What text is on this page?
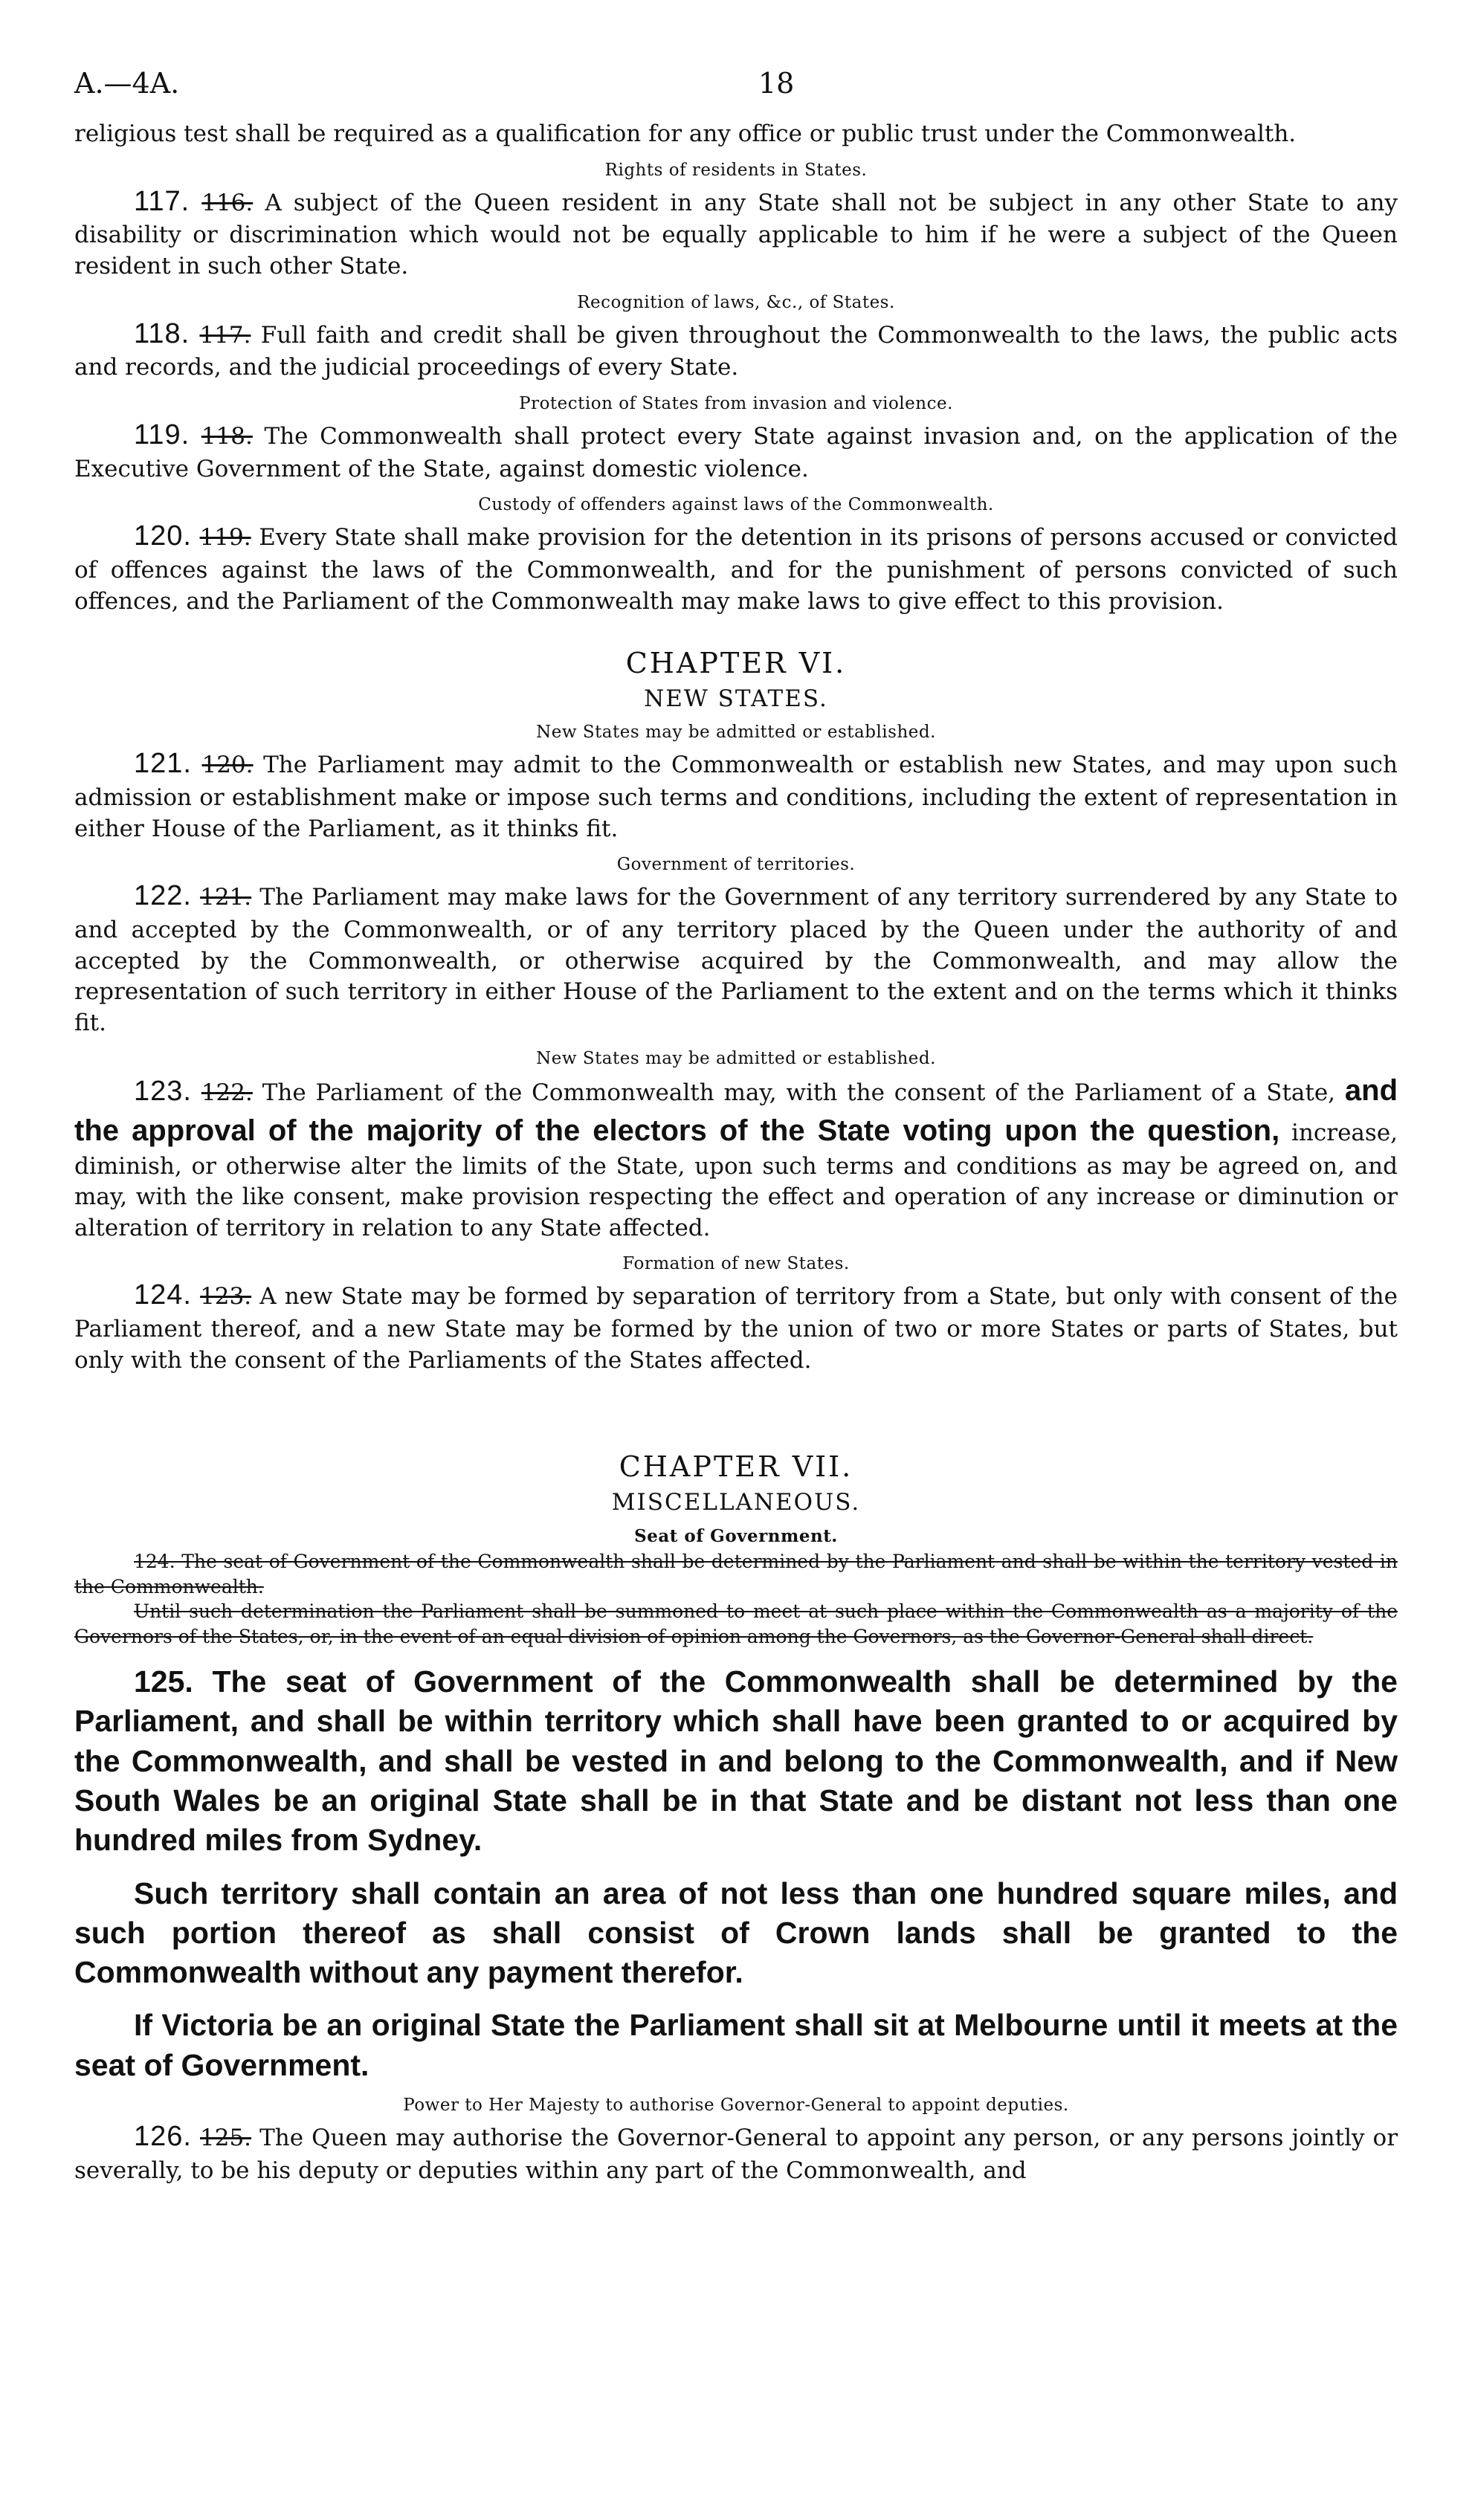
A.—4A.	18

religious test shall be required as a qualification for any office or public trust under the Commonwealth.

Rights of residents in States.

117. 116. A subject of the Queen resident in any State shall not be subject in any other State to any disability or discrimination which would not be equally applicable to him if he were a subject of the Queen resident in such other State.

Recognition of laws, &c., of States.

118. 117. Full faith and credit shall be given throughout the Commonwealth to the laws, the public acts and records, and the judicial proceedings of every State.

Protection of States from invasion and violence.

119. 118. The Commonwealth shall protect every State against invasion and, on the application of the Executive Government of the State, against domestic violence.

Custody of offenders against laws of the Commonwealth.

120. 119. Every State shall make provision for the detention in its prisons of persons accused or convicted of offences against the laws of the Commonwealth, and for the punishment of persons convicted of such offences, and the Parliament of the Commonwealth may make laws to give effect to this provision.

CHAPTER VI.
NEW STATES.
New States may be admitted or established.

121. 120. The Parliament may admit to the Commonwealth or establish new States, and may upon such admission or establishment make or impose such terms and conditions, including the extent of representation in either House of the Parliament, as it thinks fit.

Government of territories.

122. 121. The Parliament may make laws for the Government of any territory surrendered by any State to and accepted by the Commonwealth, or of any territory placed by the Queen under the authority of and accepted by the Commonwealth, or otherwise acquired by the Commonwealth, and may allow the representation of such territory in either House of the Parliament to the extent and on the terms which it thinks fit.

New States may be admitted or established.

123. 122. The Parliament of the Commonwealth may, with the consent of the Parliament of a State, and the approval of the majority of the electors of the State voting upon the question, increase, diminish, or otherwise alter the limits of the State, upon such terms and conditions as may be agreed on, and may, with the like consent, make provision respecting the effect and operation of any increase or diminution or alteration of territory in relation to any State affected.

Formation of new States.

124. 123. A new State may be formed by separation of territory from a State, but only with consent of the Parliament thereof, and a new State may be formed by the union of two or more States or parts of States, but only with the consent of the Parliaments of the States affected.

CHAPTER VII.
MISCELLANEOUS.
Seat of Government.

124. The seat of Government of the Commonwealth shall be determined by the Parliament and shall be within the territory vested in the Commonwealth.

Until such determination the Parliament shall be summoned to meet at such place within the Commonwealth as a majority of the Governors of the States, or, in the event of an equal division of opinion among the Governors, as the Governor-General shall direct.

125. The seat of Government of the Commonwealth shall be determined by the Parliament, and shall be within territory which shall have been granted to or acquired by the Commonwealth, and shall be vested in and belong to the Commonwealth, and if New South Wales be an original State shall be in that State and be distant not less than one hundred miles from Sydney.

Such territory shall contain an area of not less than one hundred square miles, and such portion thereof as shall consist of Crown lands shall be granted to the Commonwealth without any payment therefor.

If Victoria be an original State the Parliament shall sit at Melbourne until it meets at the seat of Government.

Power to Her Majesty to authorise Governor-General to appoint deputies.

126. 125. The Queen may authorise the Governor-General to appoint any person, or any persons jointly or severally, to be his deputy or deputies within any part of the Commonwealth, and
